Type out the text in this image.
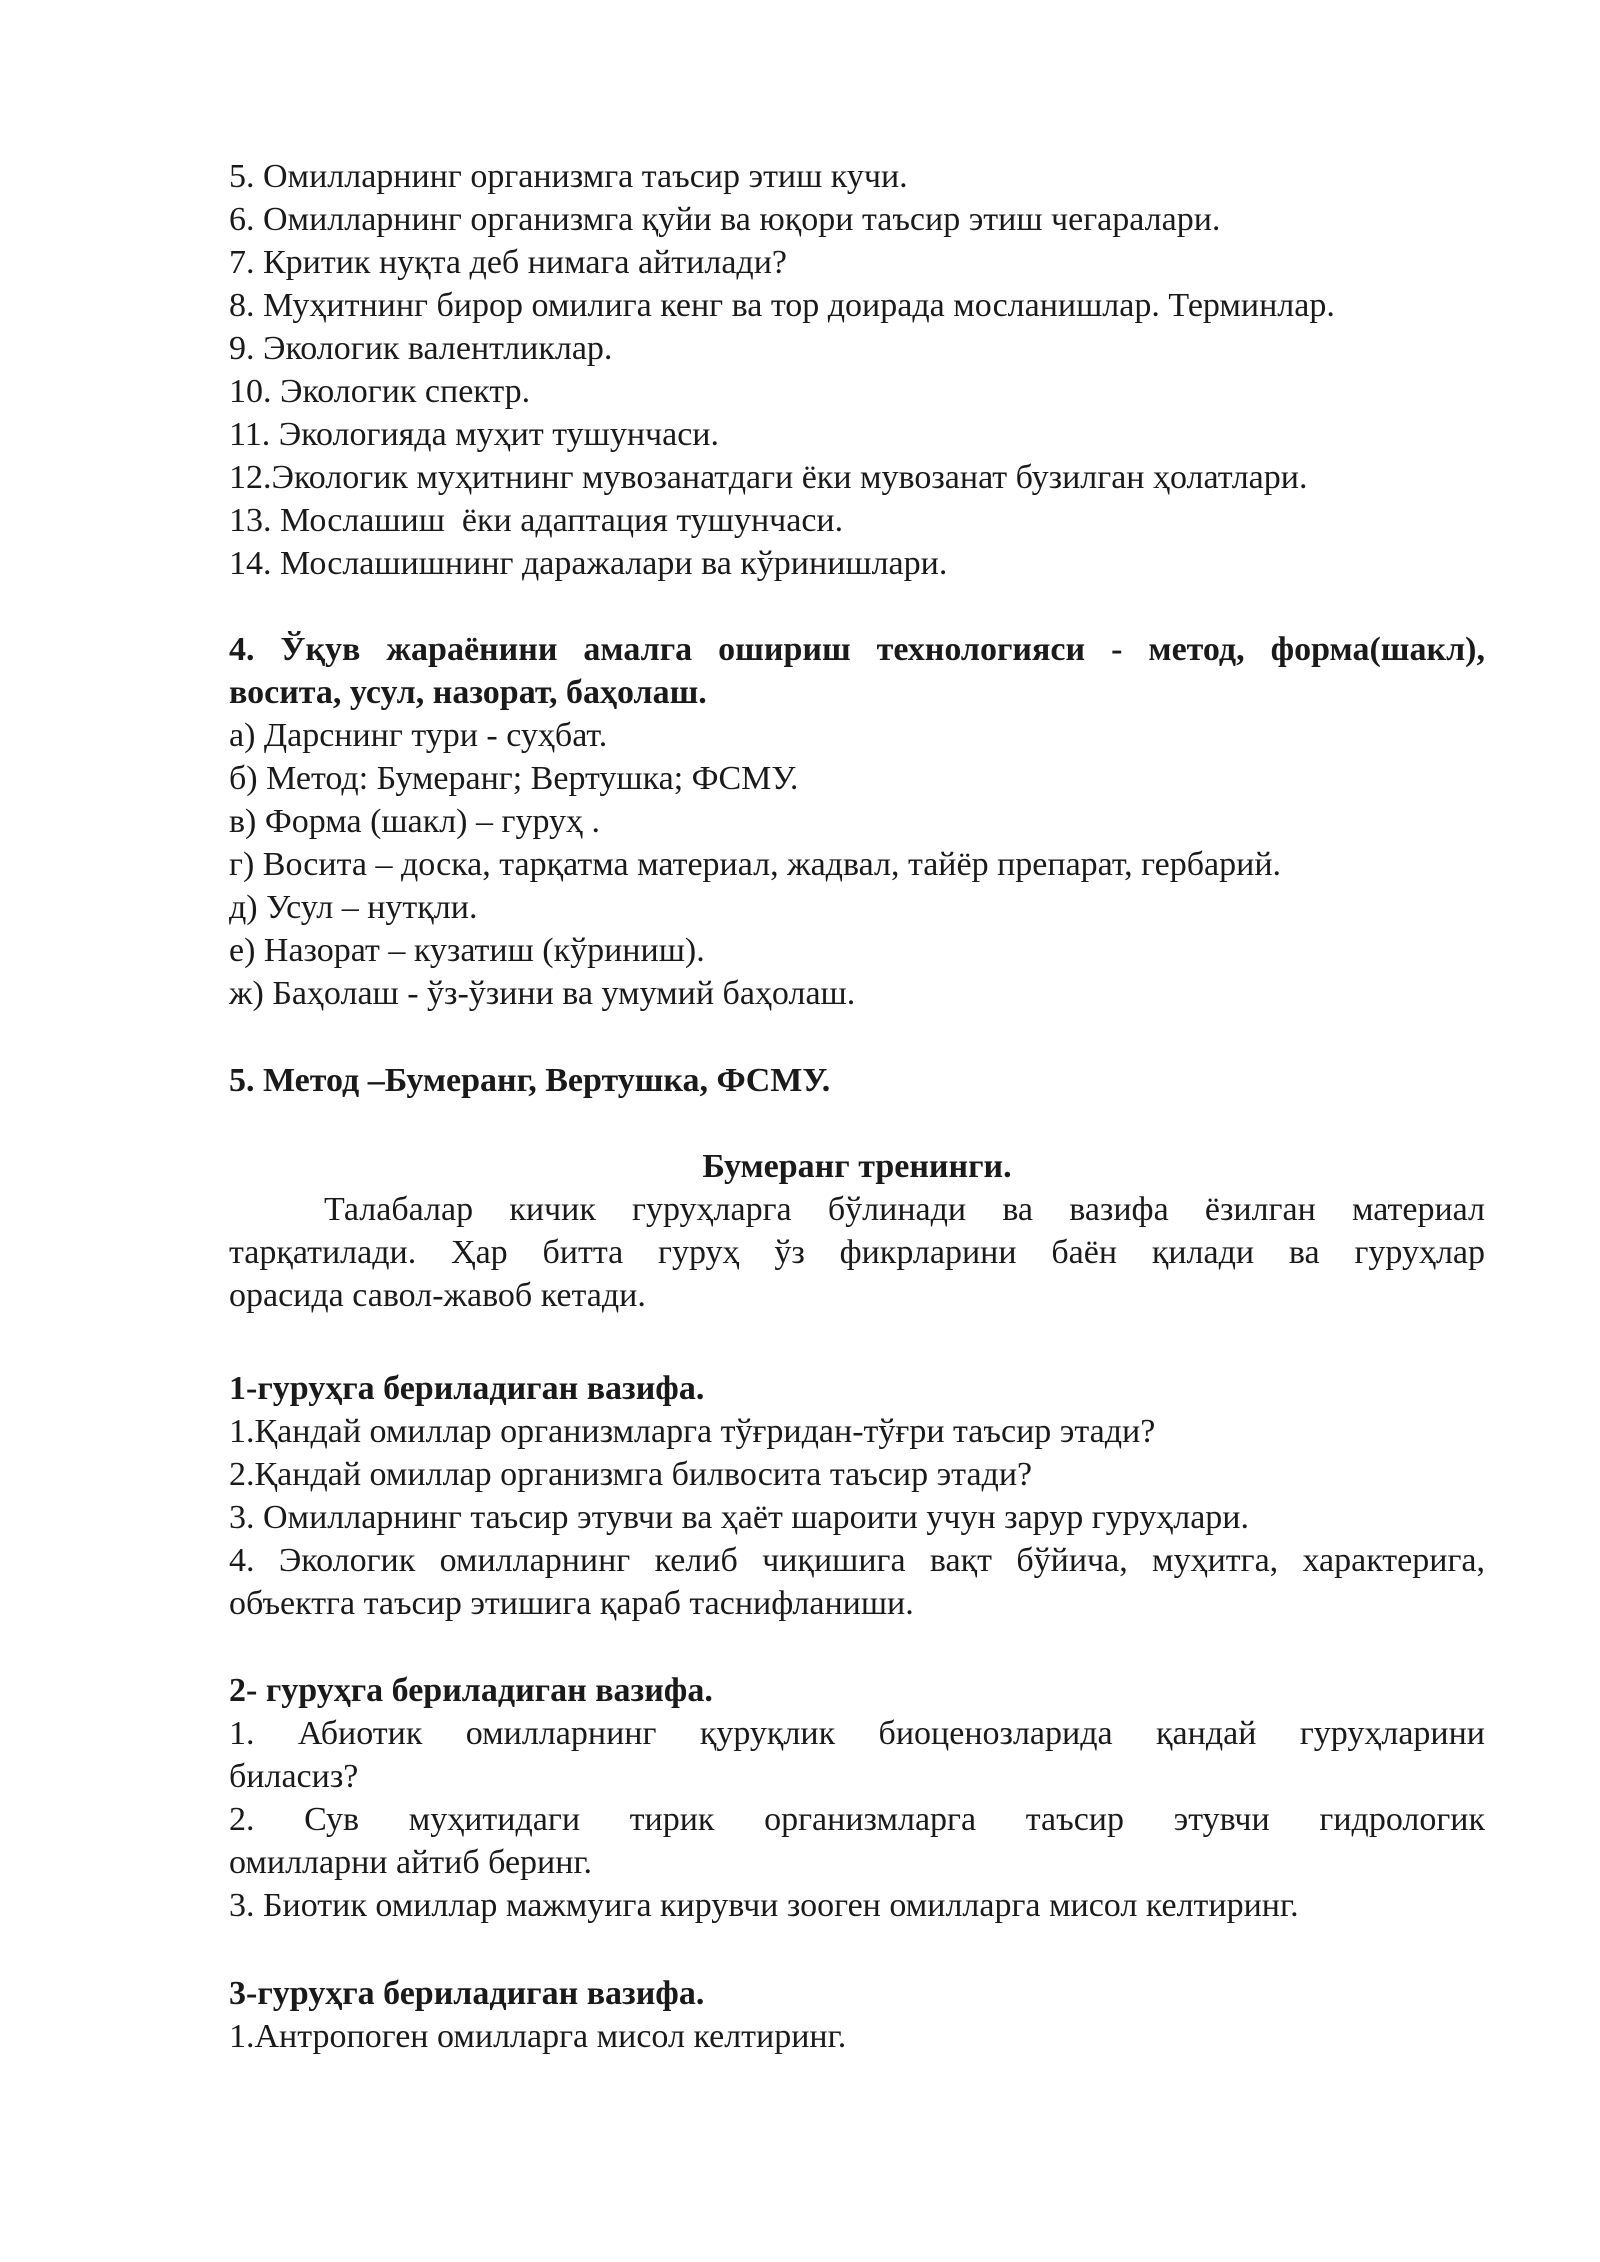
5. Омилларнинг организмга таъсир этиш кучи.
6. Омилларнинг организмга қуйи ва юқори таъсир этиш чегаралари.
7. Критик нуқта деб нимага айтилади?
8. Муҳитнинг бирор омилига кенг ва тор доирада мосланишлар. Терминлар.
9. Экологик валентликлар.
10. Экологик спектр.
11. Экологияда муҳит тушунчаси.
12.Экологик муҳитнинг мувозанатдаги ёки мувозанат бузилган ҳолатлари.
13. Мослашиш  ёки адаптация тушунчаси.
14. Мослашишнинг даражалари ва кўринишлари.
4. Ўқув жараёнини амалга ошириш технологияси - метод, форма(шакл),
восита, усул, назорат, баҳолаш.
а) Дарснинг тури - суҳбат.
б) Метод: Бумеранг; Вертушка; ФСМУ.
в) Форма (шакл) – гуруҳ .
г) Восита – доска, тарқатма материал, жадвал, тайёр препарат, гербарий.
д) Усул – нутқли.
е) Назорат – кузатиш (кўриниш).
ж) Баҳолаш - ўз-ўзини ва умумий баҳолаш.
5. Метод –Бумеранг, Вертушка, ФСМУ.
Бумеранг тренинги.
Талабалар кичик гуруҳларга бўлинади ва вазифа ёзилган материал
тарқатилади. Ҳар битта гуруҳ ўз фикрларини баён қилади ва гуруҳлар
орасида савол-жавоб кетади.
1-гуруҳга бериладиган вазифа.
1.Қандай омиллар организмларга тўғридан-тўғри таъсир этади?
2.Қандай омиллар организмга билвосита таъсир этади?
3. Омилларнинг таъсир этувчи ва ҳаёт шароити учун зарур гуруҳлари.
4. Экологик омилларнинг келиб чиқишига вақт бўйича, муҳитга, характерига,
объектга таъсир этишига қараб таснифланиши.
2- гуруҳга бериладиган вазифа.
1. Абиотик омилларнинг қуруқлик биоценозларида қандай гуруҳларини
биласиз?
2. Сув муҳитидаги тирик организмларга таъсир этувчи гидрологик
омилларни айтиб беринг.
3. Биотик омиллар мажмуига кирувчи зооген омилларга мисол келтиринг.
3-гуруҳга бериладиган вазифа.
1.Антропоген омилларга мисол келтиринг.
